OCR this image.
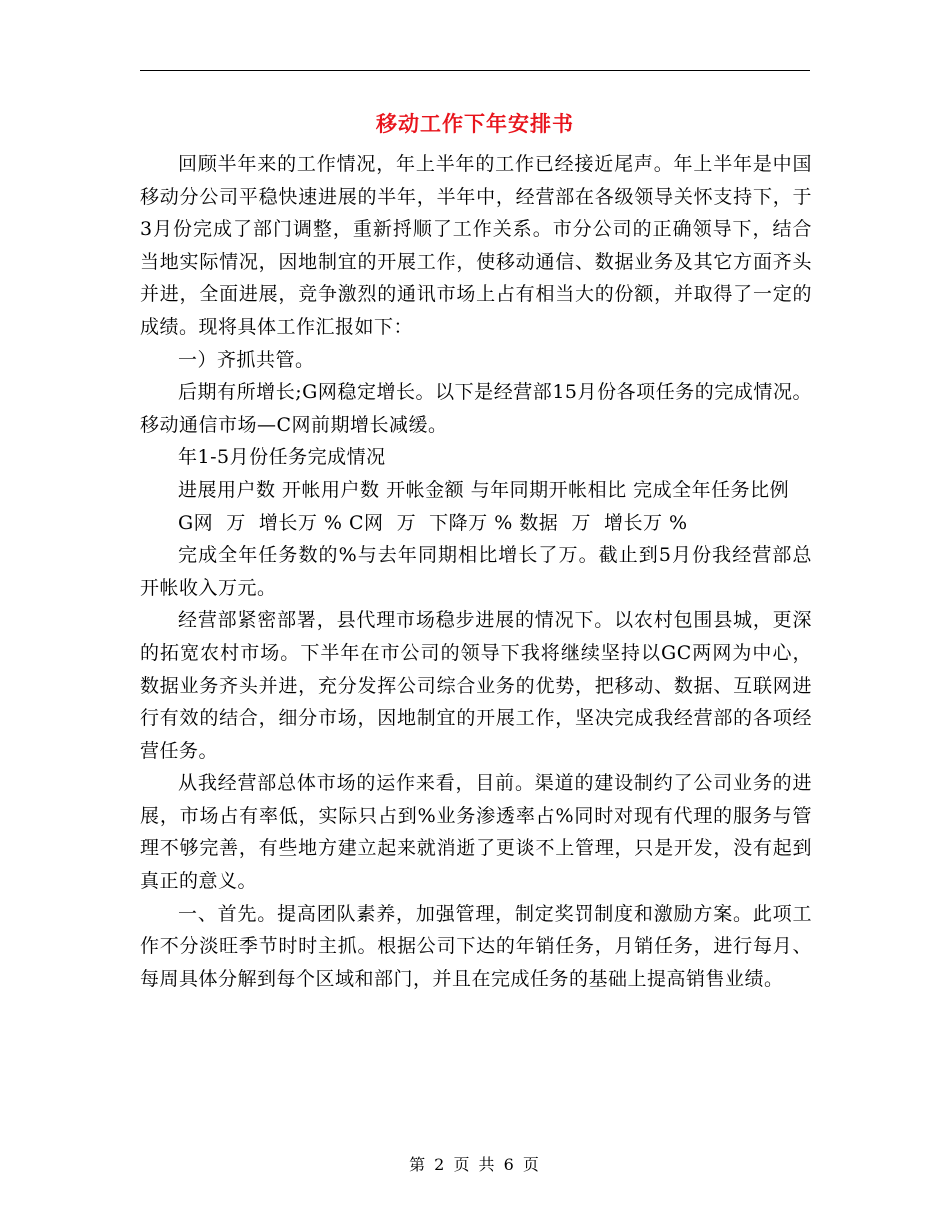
移动工作下年安排书

回顾半年来的工作情况，年上半年的工作已经接近尾声。年上半年是中国移动分公司平稳快速进展的半年，半年中，经营部在各级领导关怀支持下，于3月份完成了部门调整，重新捋顺了工作关系。市分公司的正确领导下，结合当地实际情况，因地制宜的开展工作，使移动通信、数据业务及其它方面齐头并进，全面进展，竞争激烈的通讯市场上占有相当大的份额，并取得了一定的成绩。现将具体工作汇报如下：

一）齐抓共管。

后期有所增长;G网稳定增长。以下是经营部15月份各项任务的完成情况。移动通信市场—C网前期增长减缓。

年1-5月份任务完成情况

进展用户数 开帐用户数 开帐金额 与年同期开帐相比 完成全年任务比例

G网  万  增长万 % C网  万  下降万 % 数据  万  增长万 %

完成全年任务数的%与去年同期相比增长了万。截止到5月份我经营部总开帐收入万元。

经营部紧密部署，县代理市场稳步进展的情况下。以农村包围县城，更深的拓宽农村市场。下半年在市公司的领导下我将继续坚持以GC两网为中心，数据业务齐头并进，充分发挥公司综合业务的优势，把移动、数据、互联网进行有效的结合，细分市场，因地制宜的开展工作，坚决完成我经营部的各项经营任务。

从我经营部总体市场的运作来看，目前。渠道的建设制约了公司业务的进展，市场占有率低，实际只占到%业务渗透率占%同时对现有代理的服务与管理不够完善，有些地方建立起来就消逝了更谈不上管理，只是开发，没有起到真正的意义。

一、首先。提高团队素养，加强管理，制定奖罚制度和激励方案。此项工作不分淡旺季节时时主抓。根据公司下达的年销任务，月销任务，进行每月、每周具体分解到每个区域和部门，并且在完成任务的基础上提高销售业绩。

第 2 页 共 6 页
